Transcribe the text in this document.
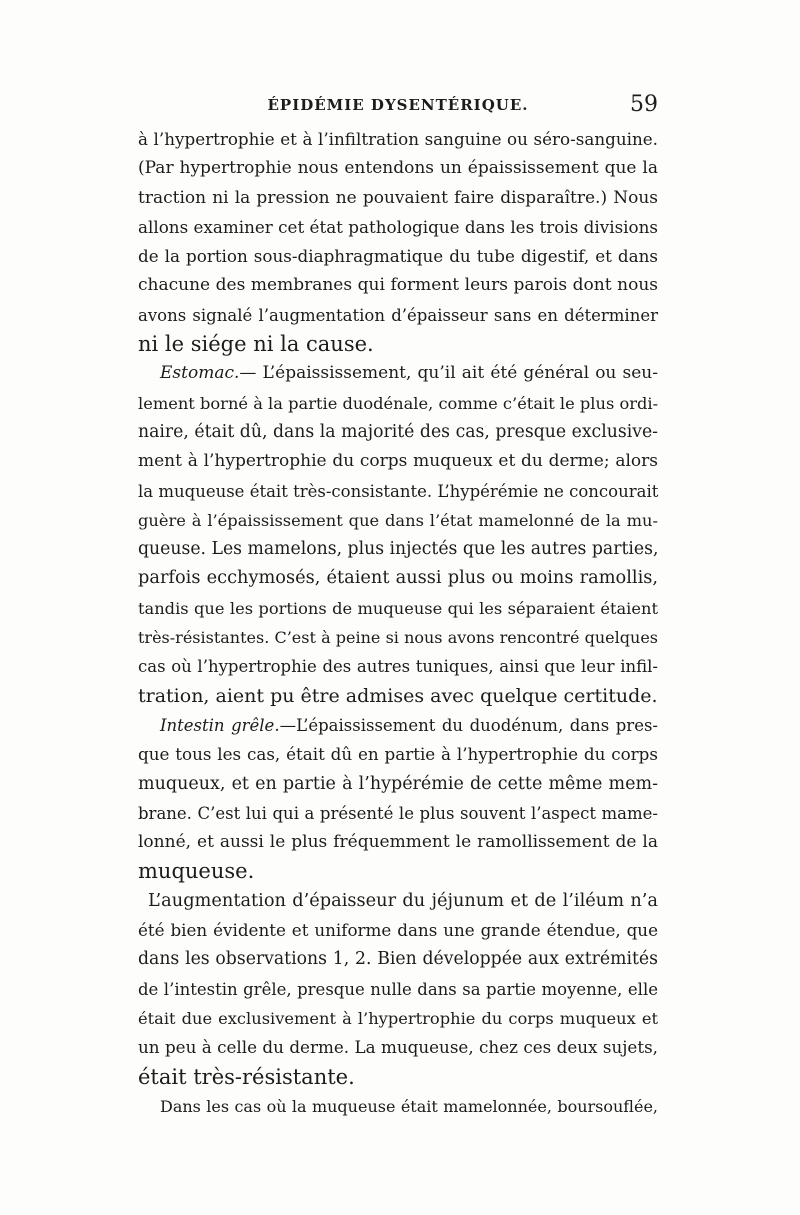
ÉPIDÉMIE DYSENTÉRIQUE.	59
à l’hypertrophie et à l’infiltration sanguine ou séro-sanguine.
(Par hypertrophie nous entendons un épaississement que la
traction ni la pression ne pouvaient faire disparaître.) Nous
allons examiner cet état pathologique dans les trois divisions
de la portion sous-diaphragmatique du tube digestif, et dans
chacune des membranes qui forment leurs parois dont nous
avons signalé l’augmentation d’épaisseur sans en déterminer
ni le siége ni la cause.
Estomac.— L’épaississement, qu’il ait été général ou seu-
lement borné à la partie duodénale, comme c’était le plus ordi-
naire, était dû, dans la majorité des cas, presque exclusive-
ment à l’hypertrophie du corps muqueux et du derme; alors
la muqueuse était très-consistante. L’hypérémie ne concourait
guère à l’épaississement que dans l’état mamelonné de la mu-
queuse. Les mamelons, plus injectés que les autres parties,
parfois ecchymosés, étaient aussi plus ou moins ramollis,
tandis que les portions de muqueuse qui les séparaient étaient
très-résistantes. C’est à peine si nous avons rencontré quelques
cas où l’hypertrophie des autres tuniques, ainsi que leur infil-
tration, aient pu être admises avec quelque certitude.
Intestin grêle.—L’épaississement du duodénum, dans pres-
que tous les cas, était dû en partie à l’hypertrophie du corps
muqueux, et en partie à l’hypérémie de cette même mem-
brane. C’est lui qui a présenté le plus souvent l’aspect mame-
lonné, et aussi le plus fréquemment le ramollissement de la
muqueuse.
L’augmentation d’épaisseur du jéjunum et de l’iléum n’a
été bien évidente et uniforme dans une grande étendue, que
dans les observations 1, 2. Bien développée aux extrémités
de l’intestin grêle, presque nulle dans sa partie moyenne, elle
était due exclusivement à l’hypertrophie du corps muqueux et
un peu à celle du derme. La muqueuse, chez ces deux sujets,
était très-résistante.
Dans les cas où la muqueuse était mamelonnée, boursouflée,
